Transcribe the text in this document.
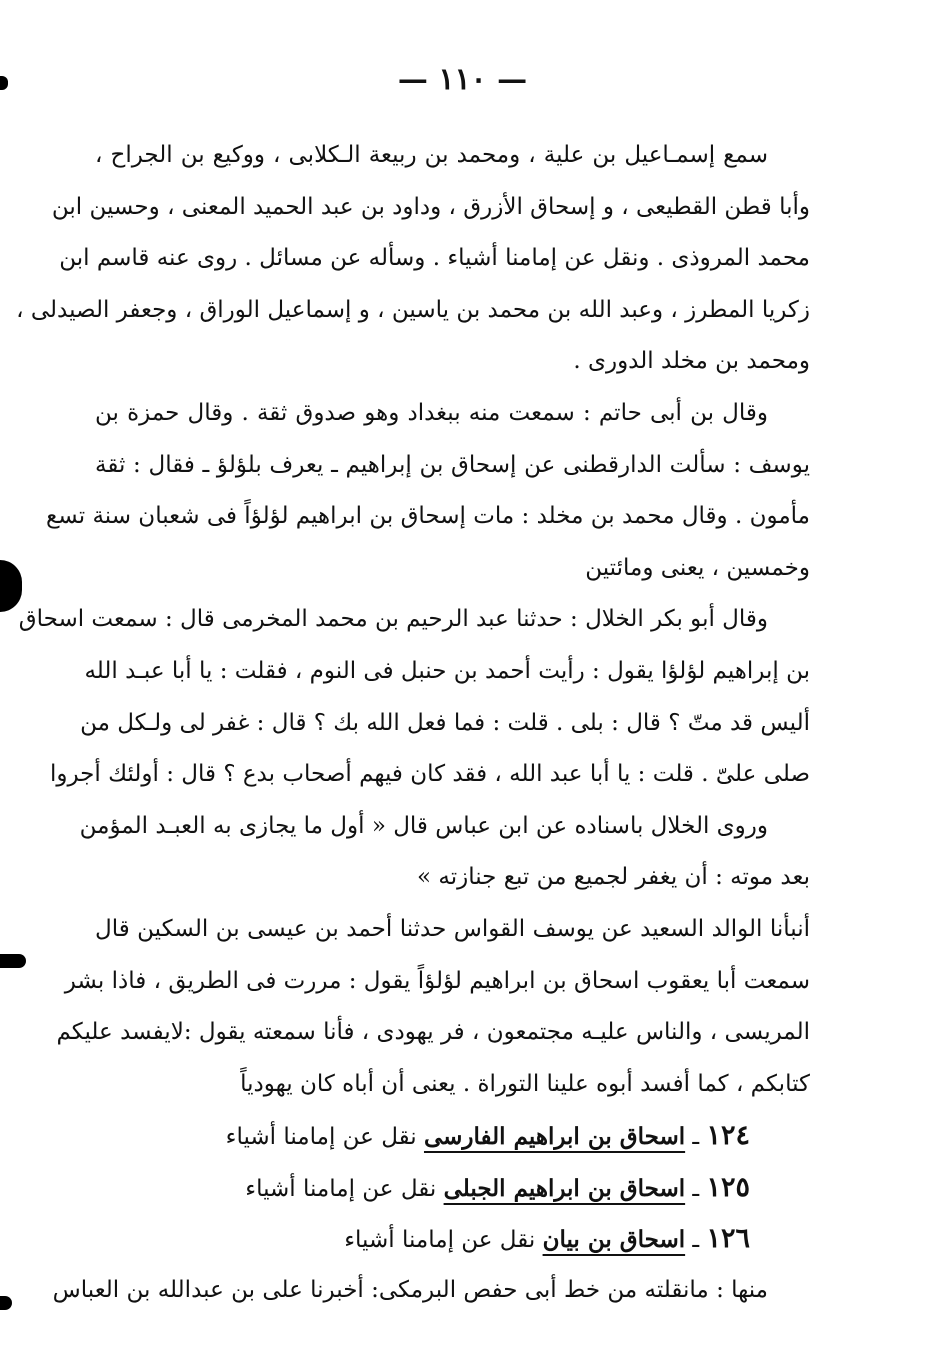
— ١١٠ —
سمع إسمـاعيل بن علية ، ومحمد بن ربيعة الـكلابى ، ووكيع بن الجراح ،
وأبا قطن القطيعى ، و إسحاق الأزرق ، وداود بن عبد الحميد المعنى ، وحسين ابن
محمد المروذى . ونقل عن إمامنا أشياء . وسأله عن مسائل . روى عنه قاسم ابن
زكريا المطرز ، وعبد الله بن محمد بن ياسين ، و إسماعيل الوراق ، وجعفر الصيدلى ،
ومحمد بن مخلد الدورى .
وقال بن أبى حاتم : سمعت منه ببغداد وهو صدوق ثقة . وقال حمزة بن
يوسف : سألت الدارقطنى عن إسحاق بن إبراهيم ـ يعرف بلؤلؤ ـ فقال : ثقة
مأمون . وقال محمد بن مخلد : مات إسحاق بن ابراهيم لؤلؤاً فى شعبان سنة تسع
وخمسين ، يعنى ومائتين
وقال أبو بكر الخلال : حدثنا عبد الرحيم بن محمد المخرمى قال : سمعت اسحاق
بن إبراهيم لؤلؤا يقول : رأيت أحمد بن حنبل فى النوم ، فقلت : يا أبا عبـد الله
أليس قد متّ ؟ قال : بلى . قلت : فما فعل الله بك ؟ قال : غفر لى ولـكل من
صلى علىّ . قلت : يا أبا عبد الله ، فقد كان فيهم أصحاب بدع ؟ قال : أولئك أجروا
وروى الخلال باسناده عن ابن عباس قال « أول ما يجازى به العبـد المؤمن
بعد موته : أن يغفر لجميع من تبع جنازته »
أنبأنا الوالد السعيد عن يوسف القواس حدثنا أحمد بن عيسى بن السكين قال
سمعت أبا يعقوب اسحاق بن ابراهيم لؤلؤاً يقول : مررت فى الطريق ، فاذا بشر
المريسى ، والناس عليـه مجتمعون ، فر يهودى ، فأنا سمعته يقول :لايفسد عليكم
كتابكم ، كما أفسد أبوه علينا التوراة . يعنى أن أباه كان يهودياً
١٢٤ ـ اسحاق بن ابراهيم الفارسى نقل عن إمامنا أشياء
١٢٥ ـ اسحاق بن ابراهيم الجبلى نقل عن إمامنا أشياء
١٢٦ ـ اسحاق بن بيان نقل عن إمامنا أشياء
منها : مانقلته من خط أبى حفص البرمكى: أخبرنا على بن عبدالله بن العباس
